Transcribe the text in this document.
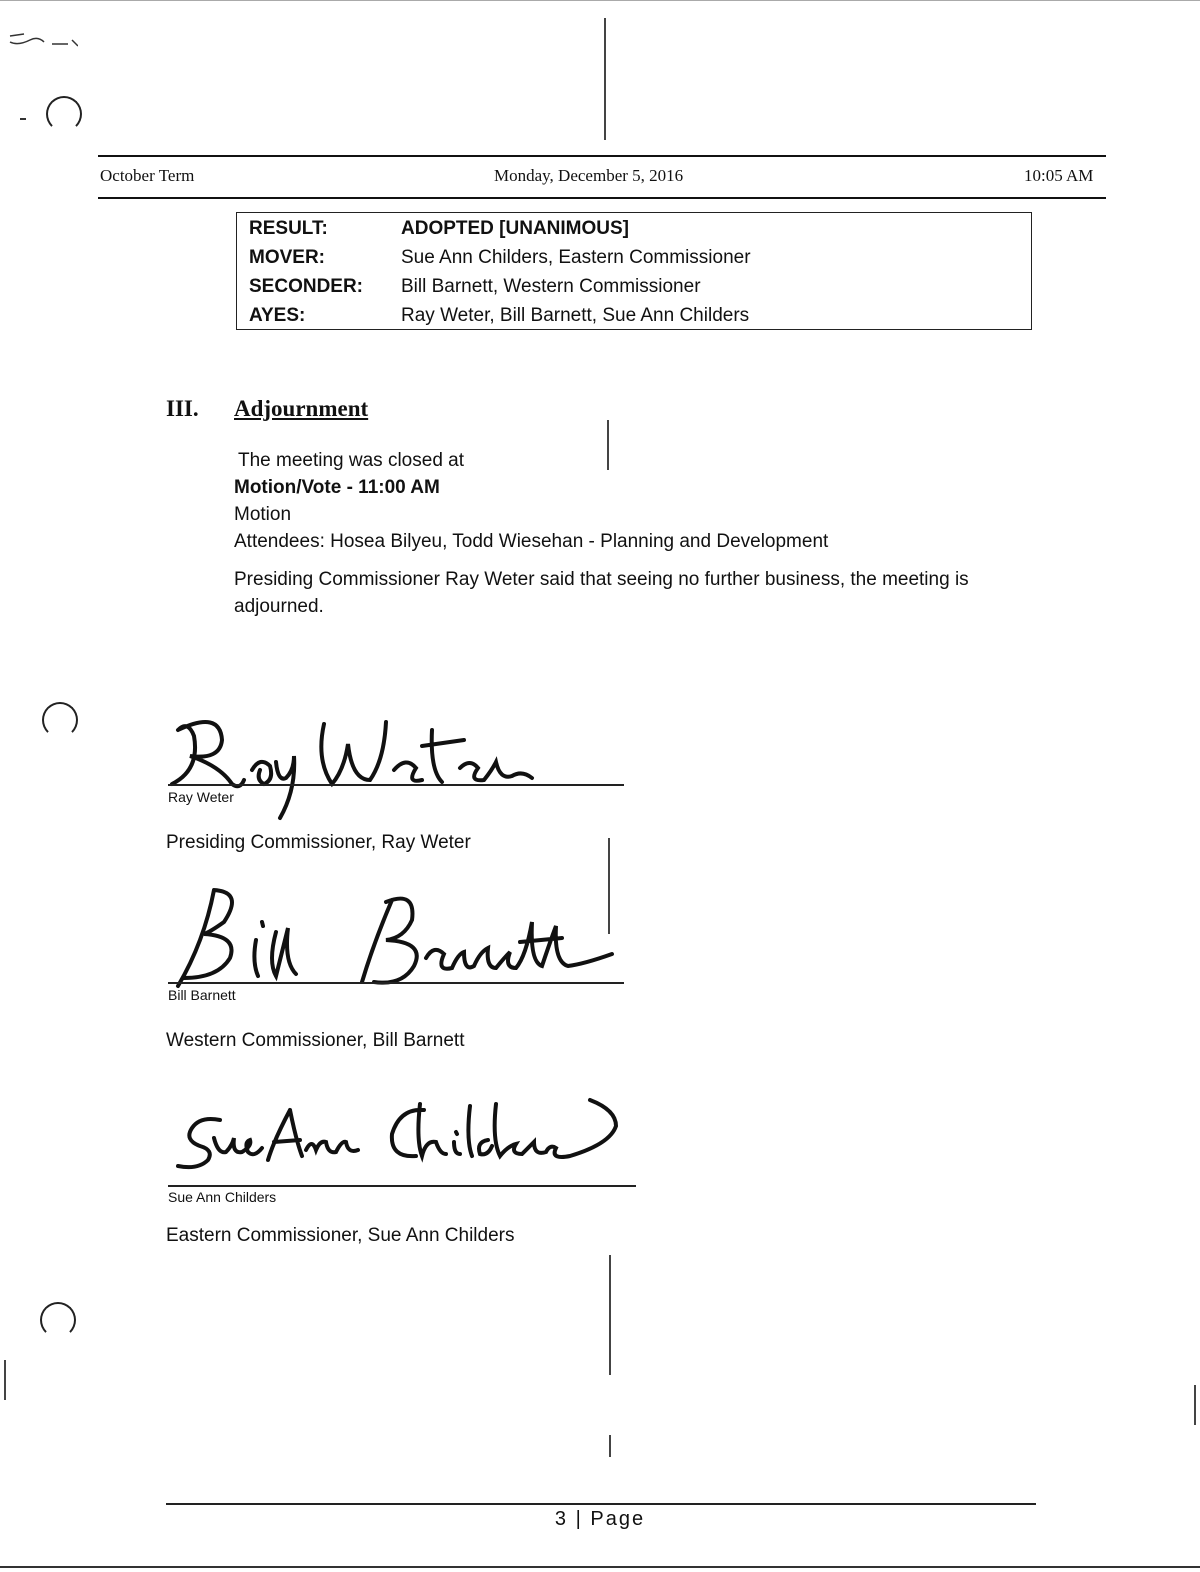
October Term	Monday, December 5, 2016	10:05 AM
RESULT:	ADOPTED [UNANIMOUS]
MOVER:	Sue Ann Childers, Eastern Commissioner
SECONDER: Bill Barnett, Western Commissioner
AYES:	Ray Weter, Bill Barnett, Sue Ann Childers
III. Adjournment
The meeting was closed at
Motion/Vote - 11:00 AM
Motion
Attendees: Hosea Bilyeu, Todd Wiesehan - Planning and Development
Presiding Commissioner Ray Weter said that seeing no further business, the meeting is
adjourned.
Ray Weter
Presiding Commissioner, Ray Weter
Bill Barnett
Western Commissioner, Bill Barnett
Sue Ann Childers
Eastern Commissioner, Sue Ann Childers
3 | Page
